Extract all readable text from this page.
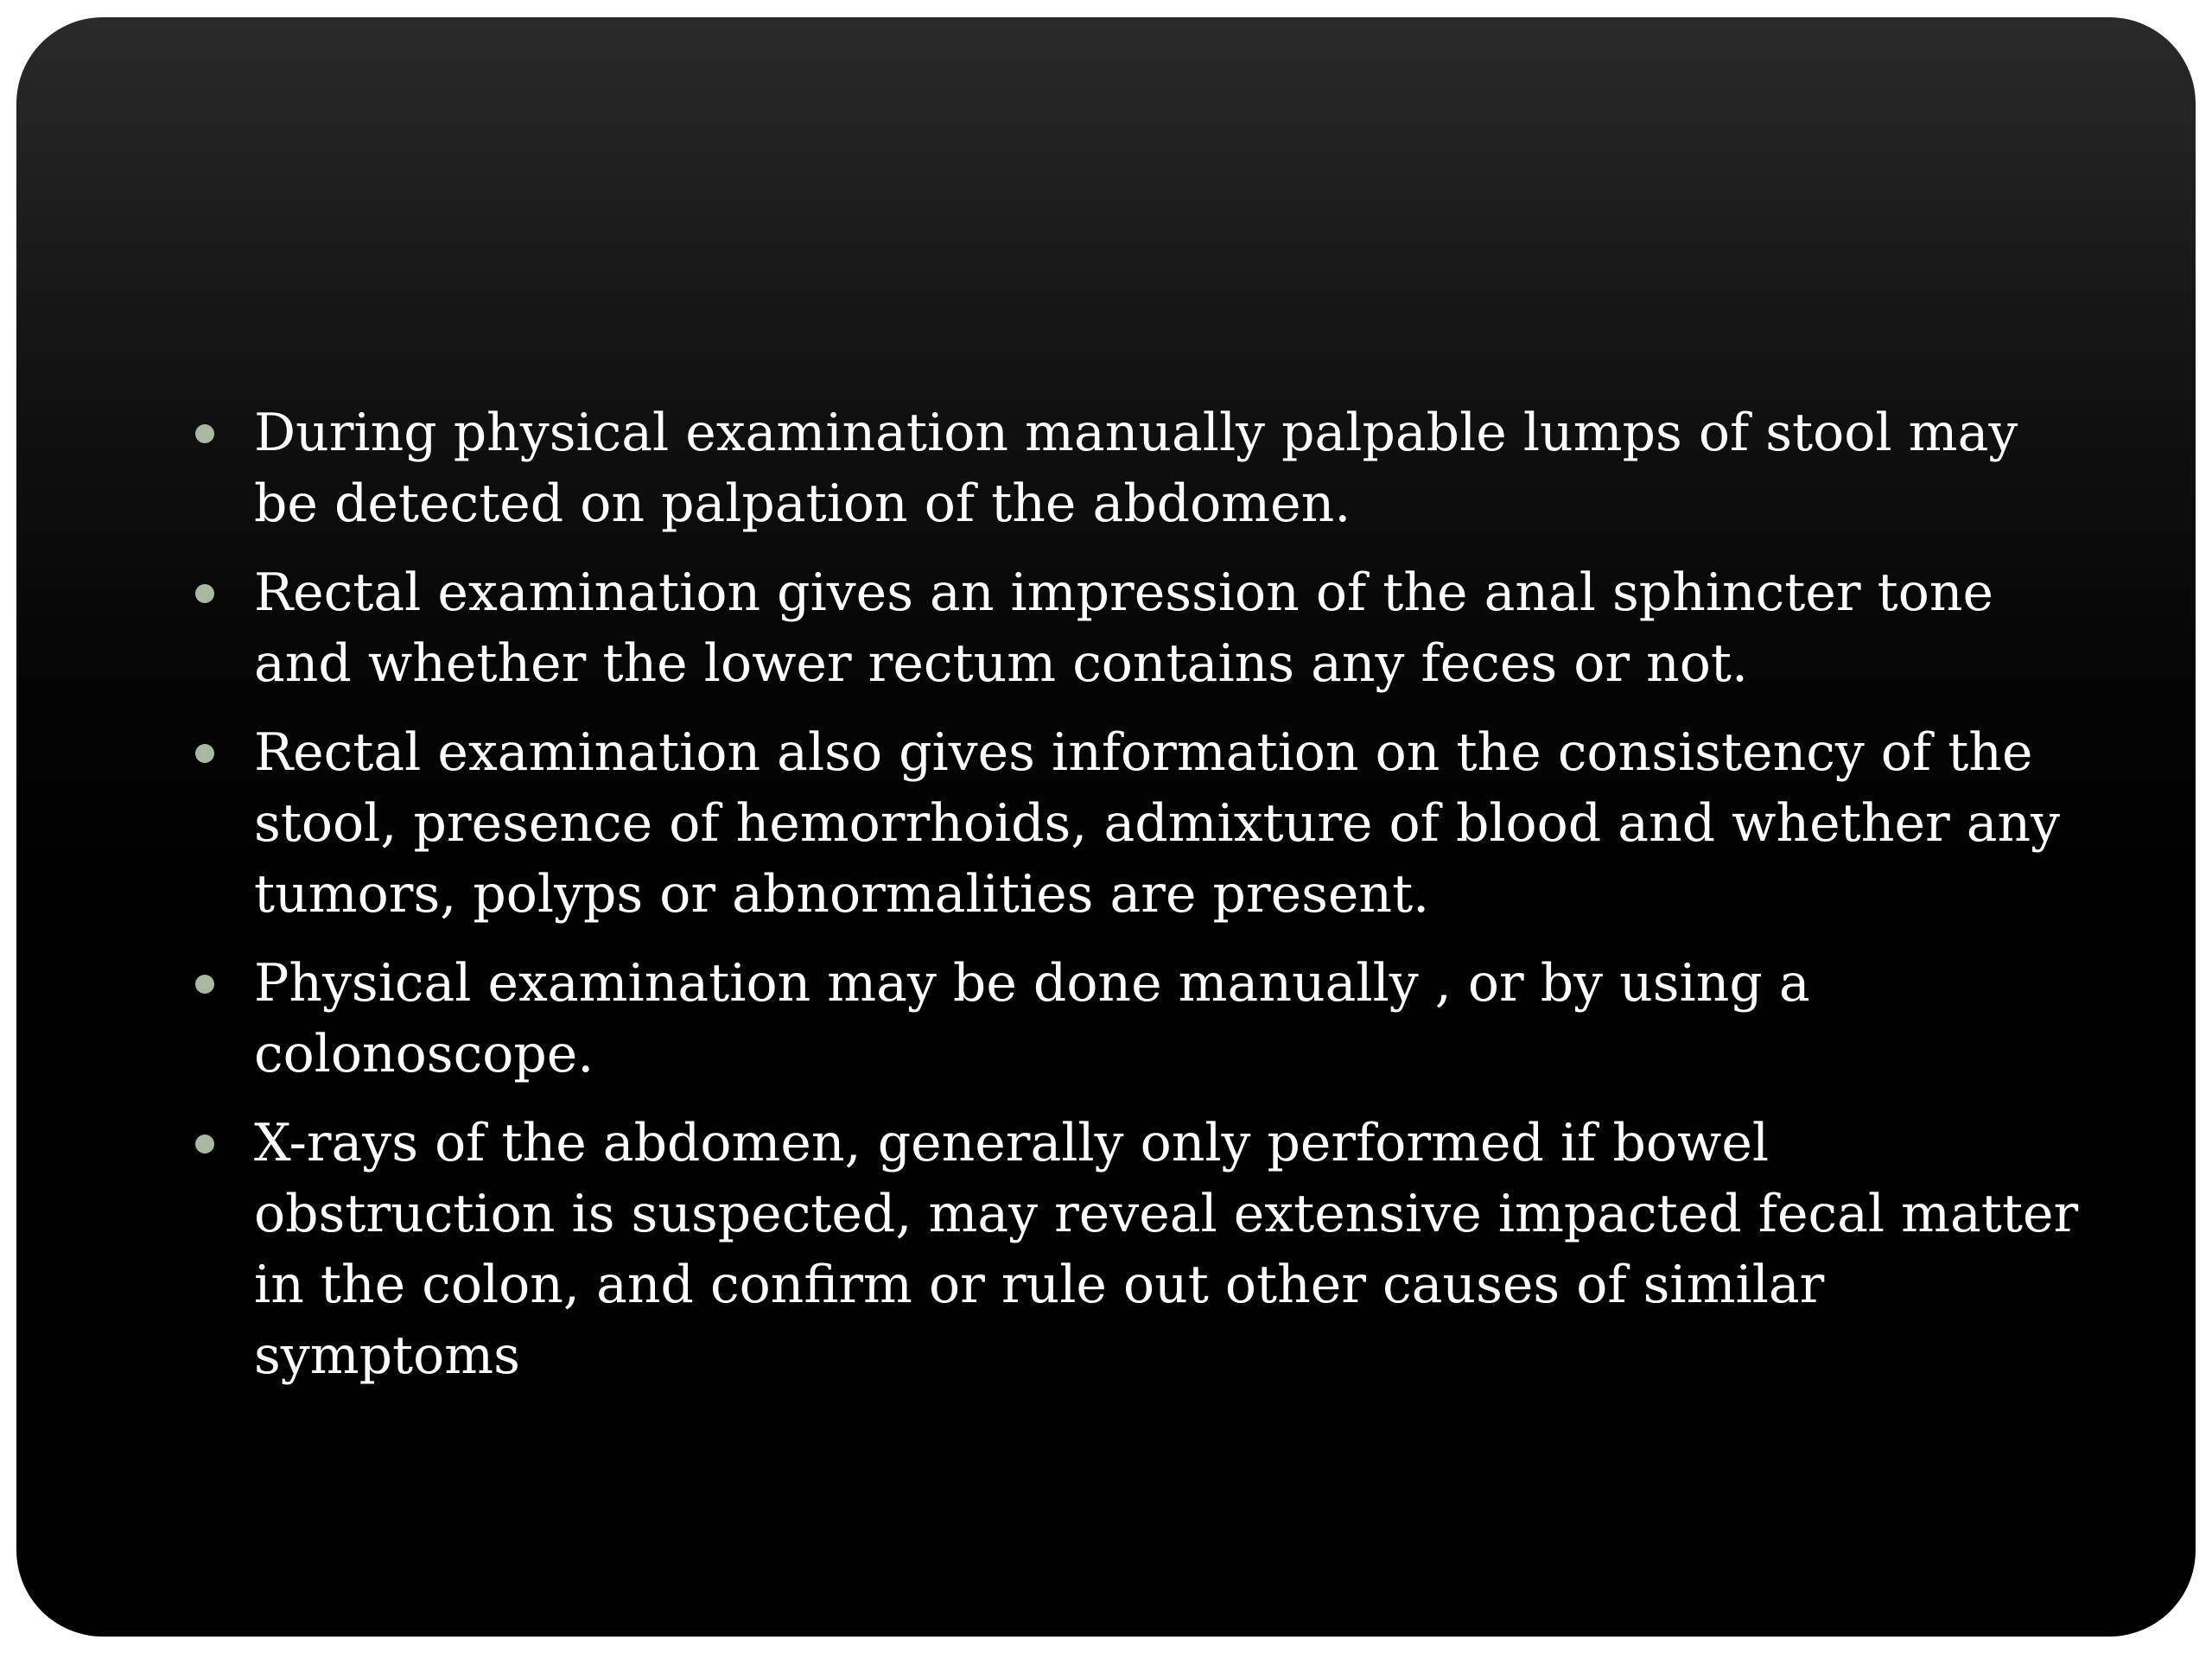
During physical examination manually palpable lumps of stool may be detected on palpation of the abdomen.
Rectal examination gives an impression of the anal sphincter tone and whether the lower rectum contains any feces or not.
Rectal examination also gives information on the consistency of the stool, presence of hemorrhoids, admixture of blood and whether any tumors, polyps or abnormalities are present.
Physical examination may be done manually , or by using a colonoscope.
X-rays of the abdomen, generally only performed if bowel obstruction is suspected, may reveal extensive impacted fecal matter in the colon, and confirm or rule out other causes of similar symptoms
